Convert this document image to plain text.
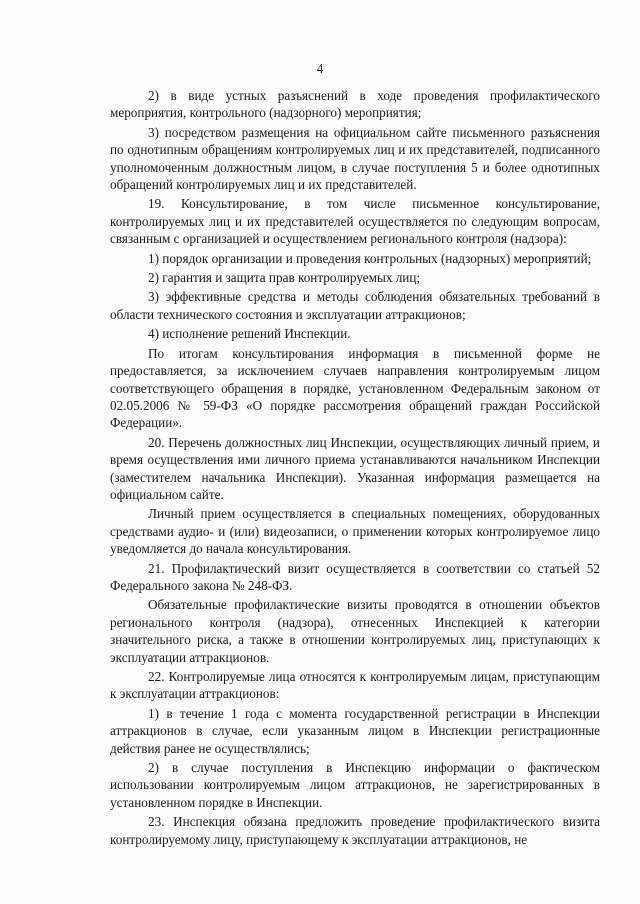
4

2) в виде устных разъяснений в ходе проведения профилактического мероприятия, контрольного (надзорного) мероприятия;

3) посредством размещения на официальном сайте письменного разъяснения по однотипным обращениям контролируемых лиц и их представителей, подписанного уполномоченным должностным лицом, в случае поступления 5 и более однотипных обращений контролируемых лиц и их представителей.

19. Консультирование, в том числе письменное консультирование, контролируемых лиц и их представителей осуществляется по следующим вопросам, связанным с организацией и осуществлением регионального контроля (надзора):

1) порядок организации и проведения контрольных (надзорных) мероприятий;

2) гарантия и защита прав контролируемых лиц;

3) эффективные средства и методы соблюдения обязательных требований в области технического состояния и эксплуатации аттракционов;

4) исполнение решений Инспекции.

По итогам консультирования информация в письменной форме не предоставляется, за исключением случаев направления контролируемым лицом соответствующего обращения в порядке, установленном Федеральным законом от 02.05.2006 № 59-ФЗ «О порядке рассмотрения обращений граждан Российской Федерации».

20. Перечень должностных лиц Инспекции, осуществляющих личный прием, и время осуществления ими личного приема устанавливаются начальником Инспекции (заместителем начальника Инспекции). Указанная информация размещается на официальном сайте.

Личный прием осуществляется в специальных помещениях, оборудованных средствами аудио- и (или) видеозаписи, о применении которых контролируемое лицо уведомляется до начала консультирования.

21. Профилактический визит осуществляется в соответствии со статьей 52 Федерального закона № 248-ФЗ.

Обязательные профилактические визиты проводятся в отношении объектов регионального контроля (надзора), отнесенных Инспекцией к категории значительного риска, а также в отношении контролируемых лиц, приступающих к эксплуатации аттракционов.

22. Контролируемые лица относятся к контролируемым лицам, приступающим к эксплуатации аттракционов:

1) в течение 1 года с момента государственной регистрации в Инспекции аттракционов в случае, если указанным лицом в Инспекции регистрационные действия ранее не осуществлялись;

2) в случае поступления в Инспекцию информации о фактическом использовании контролируемым лицом аттракционов, не зарегистрированных в установленном порядке в Инспекции.

23. Инспекция обязана предложить проведение профилактического визита контролируемому лицу, приступающему к эксплуатации аттракционов, не
